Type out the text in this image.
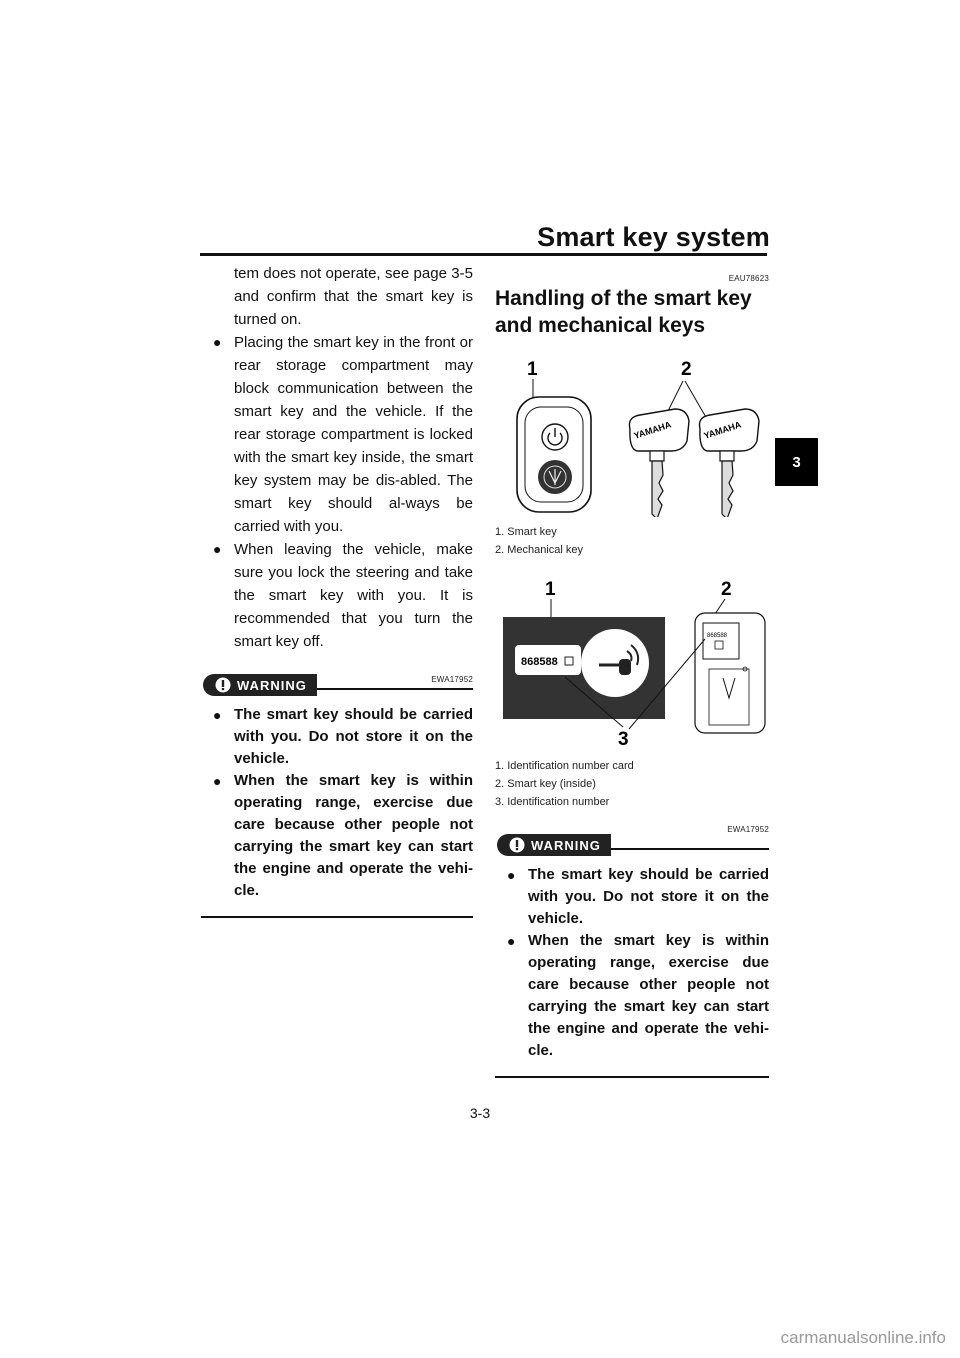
Smart key system
3
tem does not operate, see page 3-5 and confirm that the smart key is turned on.
● Placing the smart key in the front or rear storage compartment may block communication between the smart key and the vehicle. If the rear storage compartment is locked with the smart key inside, the smart key system may be dis-abled. The smart key should al-ways be carried with you.
● When leaving the vehicle, make sure you lock the steering and take the smart key with you. It is recommended that you turn the smart key off.
EWA17952
WARNING
● The smart key should be carried with you. Do not store it on the vehicle.
● When the smart key is within operating range, exercise due care because other people not carrying the smart key can start the engine and operate the vehi-cle.
EAU78623
Handling of the smart key and mechanical keys
1	2
YAMAHA	YAMAHA
1. Smart key
2. Mechanical key
1	2
3
868588
868588
1. Identification number card
2. Smart key (inside)
3. Identification number
EWA17952
WARNING
● The smart key should be carried with you. Do not store it on the vehicle.
● When the smart key is within operating range, exercise due care because other people not carrying the smart key can start the engine and operate the vehi-cle.
3-3
carmanualsonline.info
